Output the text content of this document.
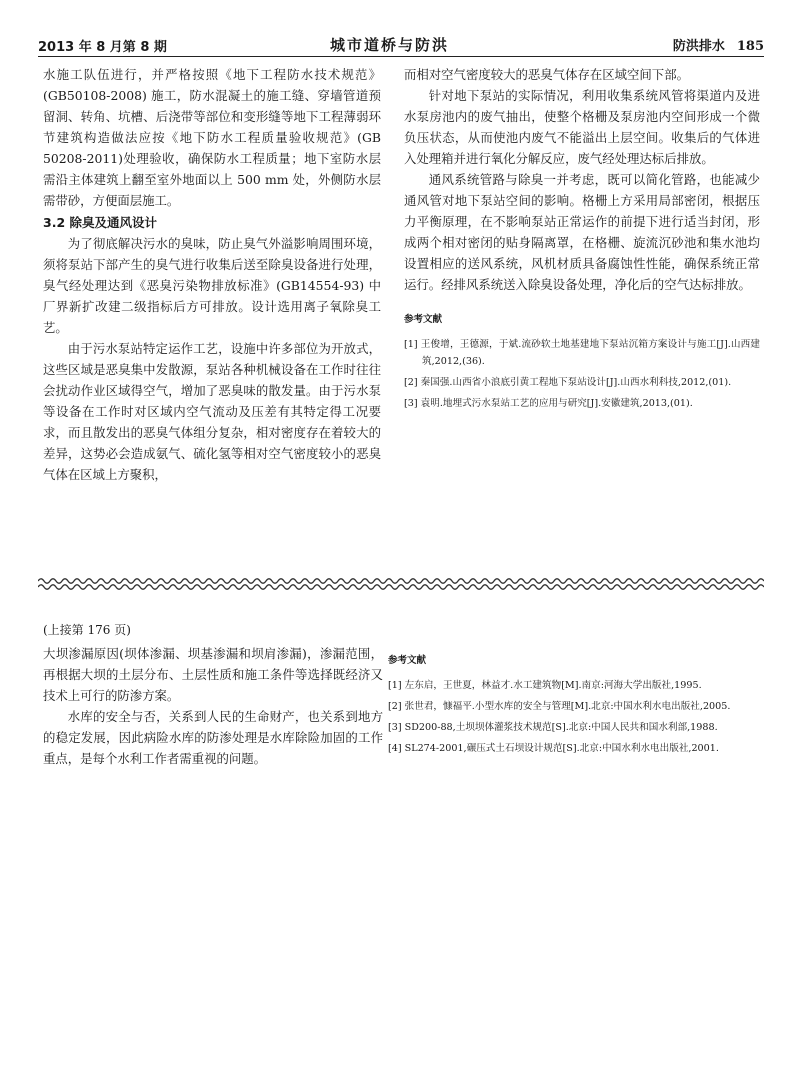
2013 年 8 月第 8 期	城市道桥与防洪	防洪排水 185

水施工队伍进行，并严格按照《地下工程防水技术规范》(GB50108-2008) 施工，防水混凝土的施工缝、穿墙管道预留洞、转角、坑槽、后浇带等部位和变形缝等地下工程薄弱环节建筑构造做法应按《地下防水工程质量验收规范》(GB 50208-2011)处理验收，确保防水工程质量；地下室防水层需沿主体建筑上翻至室外地面以上 500 mm 处，外侧防水层需带砂，方便面层施工。

3.2 除臭及通风设计

为了彻底解决污水的臭味，防止臭气外溢影响周围环境，须将泵站下部产生的臭气进行收集后送至除臭设备进行处理，臭气经处理达到《恶臭污染物排放标准》(GB14554-93) 中厂界新扩改建二级指标后方可排放。设计选用离子氧除臭工艺。

由于污水泵站特定运作工艺，设施中许多部位为开放式，这些区域是恶臭集中发散源，泵站各种机械设备在工作时往往会扰动作业区域得空气，增加了恶臭味的散发量。由于污水泵等设备在工作时对区域内空气流动及压差有其特定得工况要求，而且散发出的恶臭气体组分复杂，相对密度存在着较大的差异，这势必会造成氨气、硫化氢等相对空气密度较小的恶臭气体在区域上方聚积，

而相对空气密度较大的恶臭气体存在区域空间下部。

针对地下泵站的实际情况，利用收集系统风管将渠道内及进水泵房池内的废气抽出，使整个格栅及泵房池内空间形成一个微负压状态，从而使池内废气不能溢出上层空间。收集后的气体进入处理箱并进行氧化分解反应，废气经处理达标后排放。

通风系统管路与除臭一并考虑，既可以简化管路，也能减少通风管对地下泵站空间的影响。格栅上方采用局部密闭，根据压力平衡原理，在不影响泵站正常运作的前提下进行适当封闭，形成两个相对密闭的贴身隔离罩，在格栅、旋流沉砂池和集水池均设置相应的送风系统，风机材质具备腐蚀性性能，确保系统正常运行。经排风系统送入除臭设备处理，净化后的空气达标排放。

参考文献

[1] 王俊增，王德源，于斌.流砂软土地基建地下泵站沉箱方案设计与施工[J].山西建筑,2012,(36).
[2] 秦国强.山西省小浪底引黄工程地下泵站设计[J].山西水利科技,2012,(01).
[3] 袁明.地埋式污水泵站工艺的应用与研究[J].安徽建筑,2013,(01).

(上接第 176 页)

大坝渗漏原因(坝体渗漏、坝基渗漏和坝肩渗漏)，渗漏范围，再根据大坝的土层分布、土层性质和施工条件等选择既经济又技术上可行的防渗方案。

水库的安全与否，关系到人民的生命财产，也关系到地方的稳定发展，因此病险水库的防渗处理是水库除险加固的工作重点，是每个水利工作者需重视的问题。

参考文献

[1] 左东启，王世夏，林益才.水工建筑物[M].南京:河海大学出版社,1995.
[2] 张世君，慷福平.小型水库的安全与管理[M].北京:中国水利水电出版社,2005.
[3] SD200-88,土坝坝体灌浆技术规范[S].北京:中国人民共和国水利部,1988.
[4] SL274-2001,碾压式土石坝设计规范[S].北京:中国水利水电出版社,2001.
